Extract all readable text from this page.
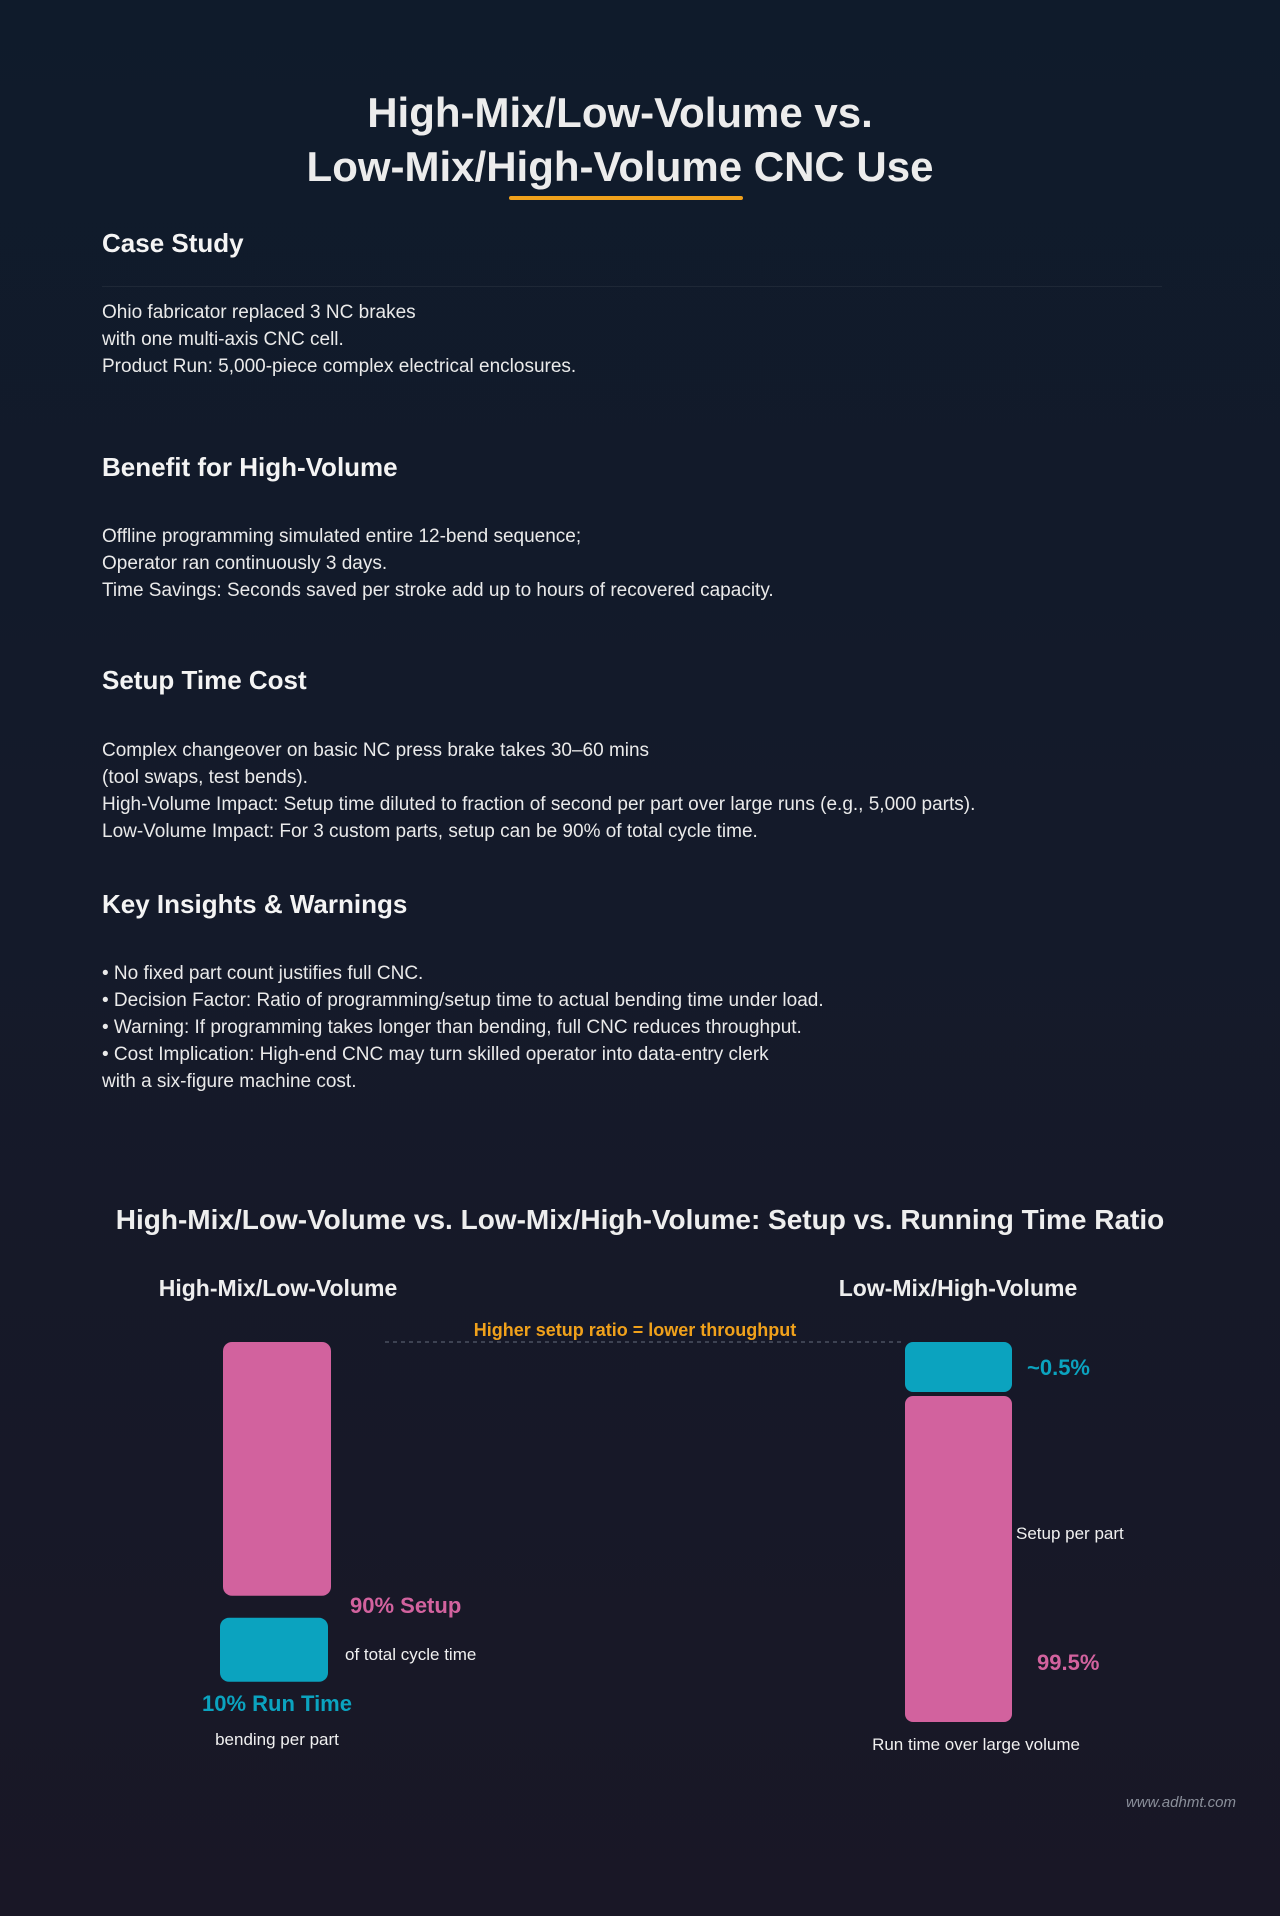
High-Mix/Low-Volume vs.
Low-Mix/High-Volume CNC Use
Case Study
Ohio fabricator replaced 3 NC brakes
with one multi-axis CNC cell.
Product Run: 5,000-piece complex electrical enclosures.
Benefit for High-Volume
Offline programming simulated entire 12-bend sequence;
Operator ran continuously 3 days.
Time Savings: Seconds saved per stroke add up to hours of recovered capacity.
Setup Time Cost
Complex changeover on basic NC press brake takes 30–60 mins
(tool swaps, test bends).
High-Volume Impact: Setup time diluted to fraction of second per part over large runs (e.g., 5,000 parts).
Low-Volume Impact: For 3 custom parts, setup can be 90% of total cycle time.
Key Insights & Warnings
• No fixed part count justifies full CNC.
• Decision Factor: Ratio of programming/setup time to actual bending time under load.
• Warning: If programming takes longer than bending, full CNC reduces throughput.
• Cost Implication: High-end CNC may turn skilled operator into data-entry clerk
with a six-figure machine cost.
High-Mix/Low-Volume vs. Low-Mix/High-Volume: Setup vs. Running Time Ratio
High-Mix/Low-Volume	Low-Mix/High-Volume
Higher setup ratio = lower throughput
90% Setup
of total cycle time
10% Run Time
bending per part
~0.5%
Setup per part
99.5%
Run time over large volume
www.adhmt.com
